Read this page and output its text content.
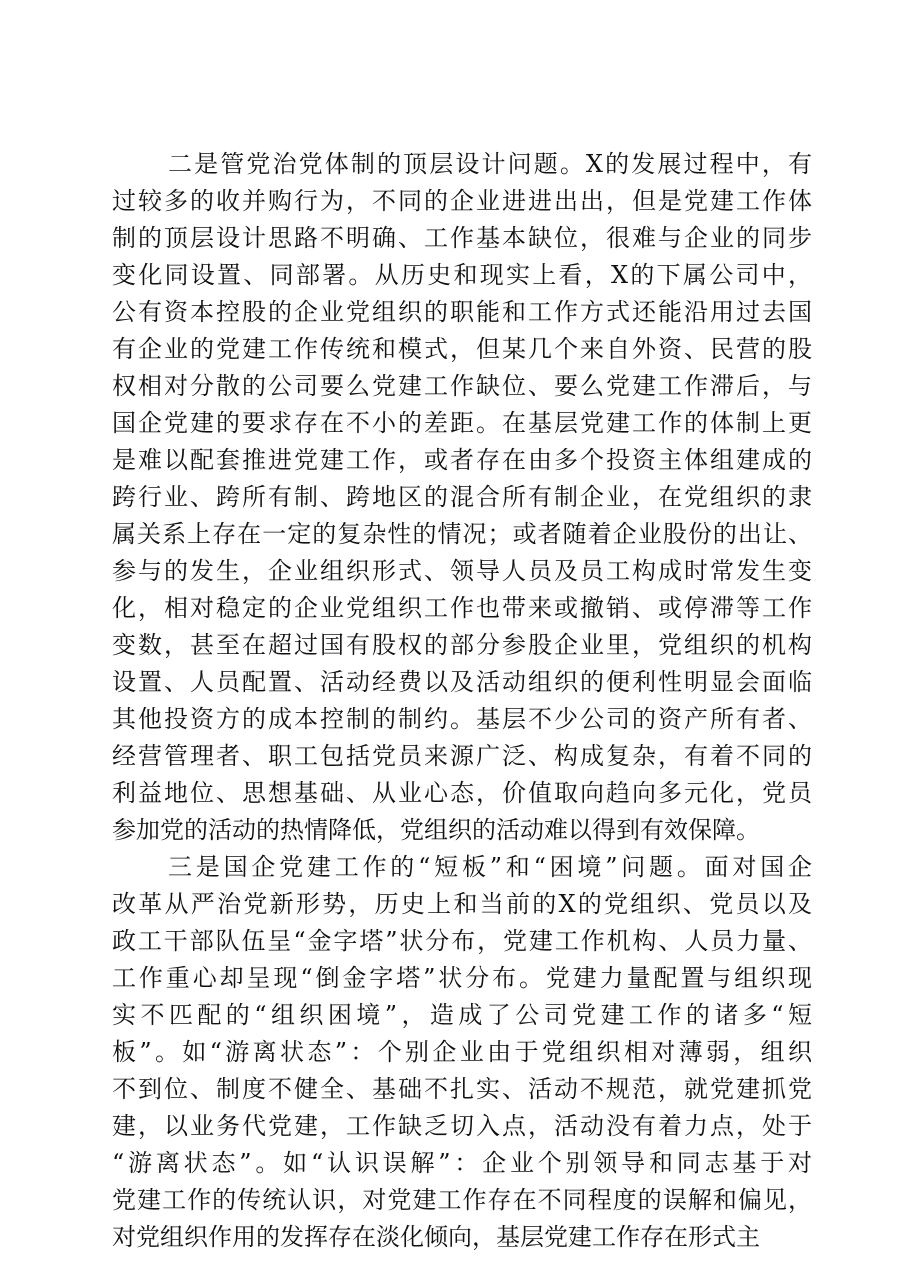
二是管党治党体制的顶层设计问题。X的发展过程中，有
过较多的收并购行为，不同的企业进进出出，但是党建工作体
制的顶层设计思路不明确、工作基本缺位，很难与企业的同步
变化同设置、同部署。从历史和现实上看，X的下属公司中，
公有资本控股的企业党组织的职能和工作方式还能沿用过去国
有企业的党建工作传统和模式，但某几个来自外资、民营的股
权相对分散的公司要么党建工作缺位、要么党建工作滞后，与
国企党建的要求存在不小的差距。在基层党建工作的体制上更
是难以配套推进党建工作，或者存在由多个投资主体组建成的
跨行业、跨所有制、跨地区的混合所有制企业，在党组织的隶
属关系上存在一定的复杂性的情况；或者随着企业股份的出让、
参与的发生，企业组织形式、领导人员及员工构成时常发生变
化，相对稳定的企业党组织工作也带来或撤销、或停滞等工作
变数，甚至在超过国有股权的部分参股企业里，党组织的机构
设置、人员配置、活动经费以及活动组织的便利性明显会面临
其他投资方的成本控制的制约。基层不少公司的资产所有者、
经营管理者、职工包括党员来源广泛、构成复杂，有着不同的
利益地位、思想基础、从业心态，价值取向趋向多元化，党员
参加党的活动的热情降低，党组织的活动难以得到有效保障。
三是国企党建工作的“短板”和“困境”问题。面对国企
改革从严治党新形势，历史上和当前的X的党组织、党员以及
政工干部队伍呈“金字塔”状分布，党建工作机构、人员力量、
工作重心却呈现“倒金字塔”状分布。党建力量配置与组织现
实不匹配的“组织困境”，造成了公司党建工作的诸多“短
板”。如“游离状态”：个别企业由于党组织相对薄弱，组织
不到位、制度不健全、基础不扎实、活动不规范，就党建抓党
建，以业务代党建，工作缺乏切入点，活动没有着力点，处于
“游离状态”。如“认识误解”：企业个别领导和同志基于对
党建工作的传统认识，对党建工作存在不同程度的误解和偏见，
对党组织作用的发挥存在淡化倾向，基层党建工作存在形式主
